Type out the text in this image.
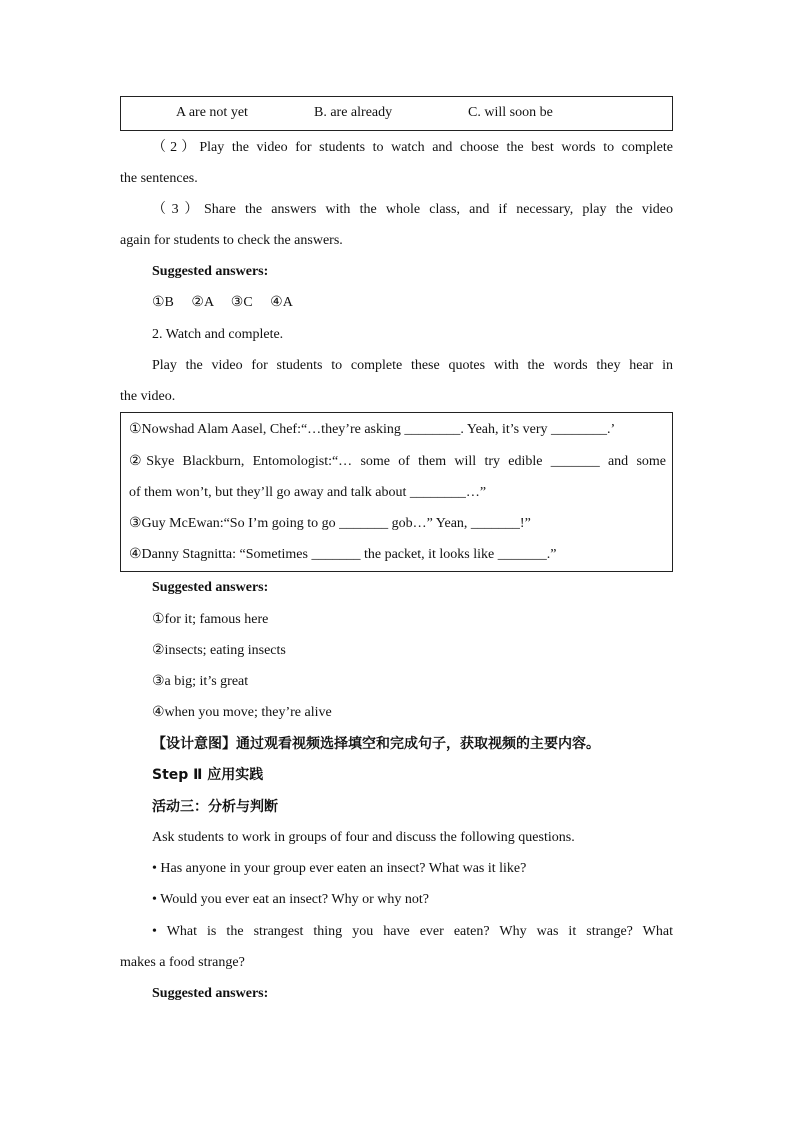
A are not yet	B. are already	C. will soon be
（2）Play the video for students to watch and choose the best words to complete
the sentences.
（3）Share the answers with the whole class, and if necessary, play the video
again for students to check the answers.
Suggested answers:
①B     ②A     ③C     ④A
2. Watch and complete.
Play the video for students to complete these quotes with the words they hear in
the video.
①Nowshad Alam Aasel, Chef:“…they’re asking ________. Yeah, it’s very ________.’
②Skye Blackburn, Entomologist:“… some of them will try edible _______ and some
of them won’t, but they’ll go away and talk about ________…”
③Guy McEwan:“So I’m going to go _______ gob…” Yean, _______!”
④Danny Stagnitta: “Sometimes _______ the packet, it looks like _______.”
Suggested answers:
①for it; famous here
②insects; eating insects
③a big; it’s great
④when you move; they’re alive
【设计意图】通过观看视频选择填空和完成句子，获取视频的主要内容。
Step Ⅱ 应用实践
活动三：分析与判断
Ask students to work in groups of four and discuss the following questions.
• Has anyone in your group ever eaten an insect? What was it like?
• Would you ever eat an insect? Why or why not?
• What is the strangest thing you have ever eaten? Why was it strange? What
makes a food strange?
Suggested answers:
